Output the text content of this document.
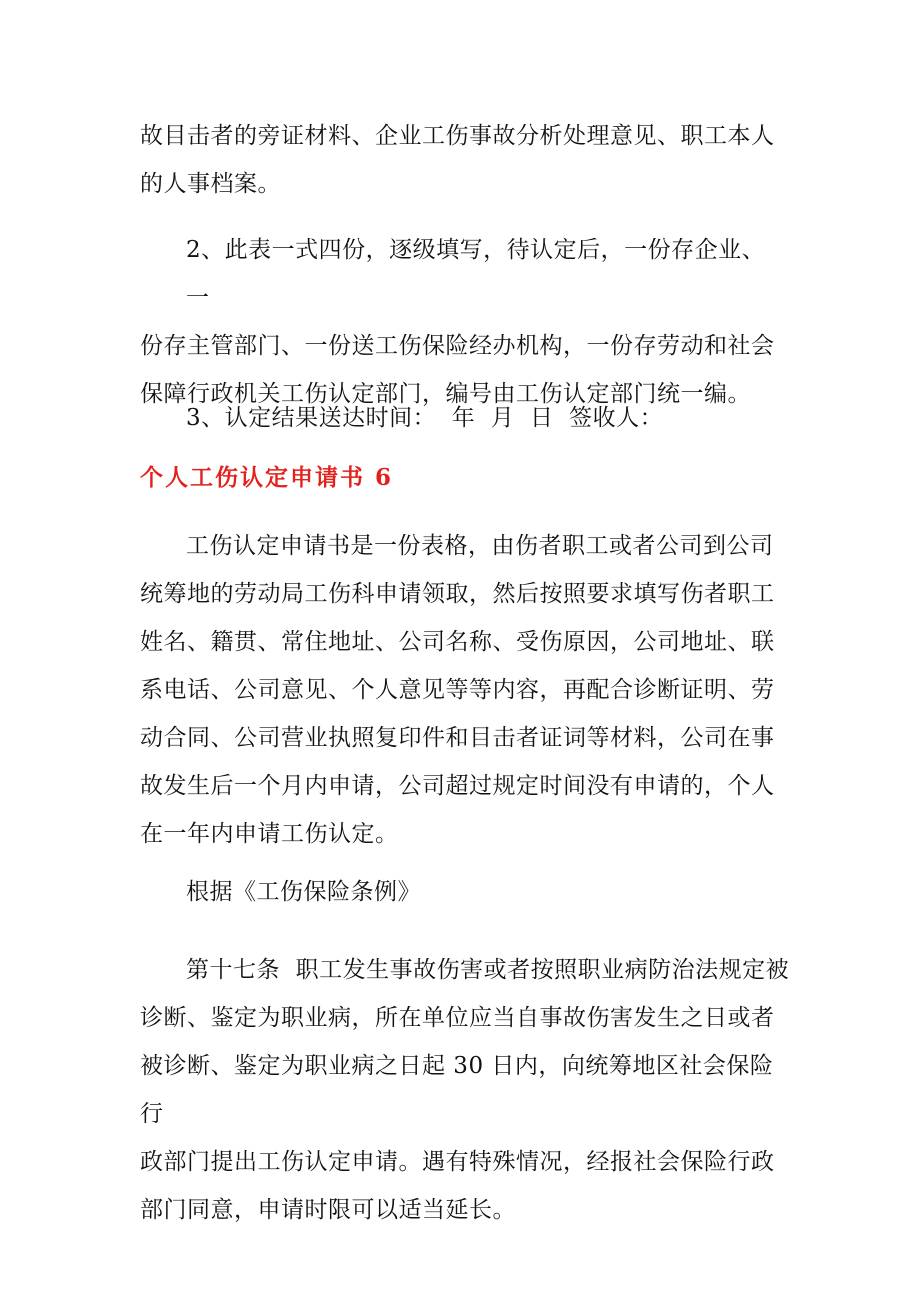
故目击者的旁证材料、企业工伤事故分析处理意见、职工本人
的人事档案。

2、此表一式四份，逐级填写，待认定后，一份存企业、一
份存主管部门、一份送工伤保险经办机构，一份存劳动和社会
保障行政机关工伤认定部门，编号由工伤认定部门统一编。

3、认定结果送达时间：  年  月  日  签收人：

个人工伤认定申请书 6

工伤认定申请书是一份表格，由伤者职工或者公司到公司
统筹地的劳动局工伤科申请领取，然后按照要求填写伤者职工
姓名、籍贯、常住地址、公司名称、受伤原因，公司地址、联
系电话、公司意见、个人意见等等内容，再配合诊断证明、劳
动合同、公司营业执照复印件和目击者证词等材料，公司在事
故发生后一个月内申请，公司超过规定时间没有申请的，个人
在一年内申请工伤认定。

根据《工伤保险条例》

第十七条  职工发生事故伤害或者按照职业病防治法规定被
诊断、鉴定为职业病，所在单位应当自事故伤害发生之日或者
被诊断、鉴定为职业病之日起 30 日内，向统筹地区社会保险行
政部门提出工伤认定申请。遇有特殊情况，经报社会保险行政
部门同意，申请时限可以适当延长。
